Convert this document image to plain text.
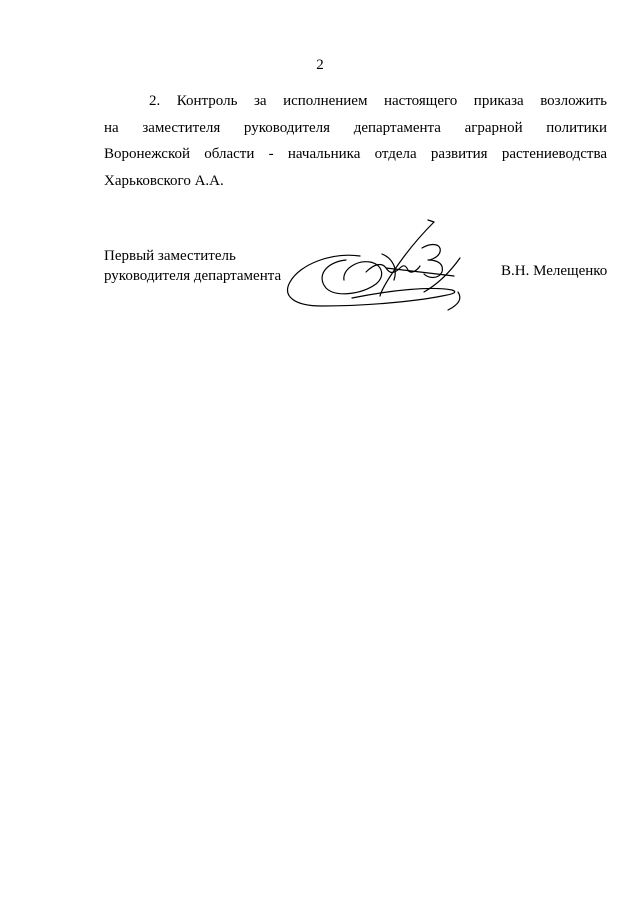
2
2. Контроль за исполнением настоящего приказа возложить
на заместителя руководителя департамента аграрной политики
Воронежской области - начальника отдела развития растениеводства
Харьковского А.А.
Первый заместитель
руководителя департамента	В.Н. Мелещенко
